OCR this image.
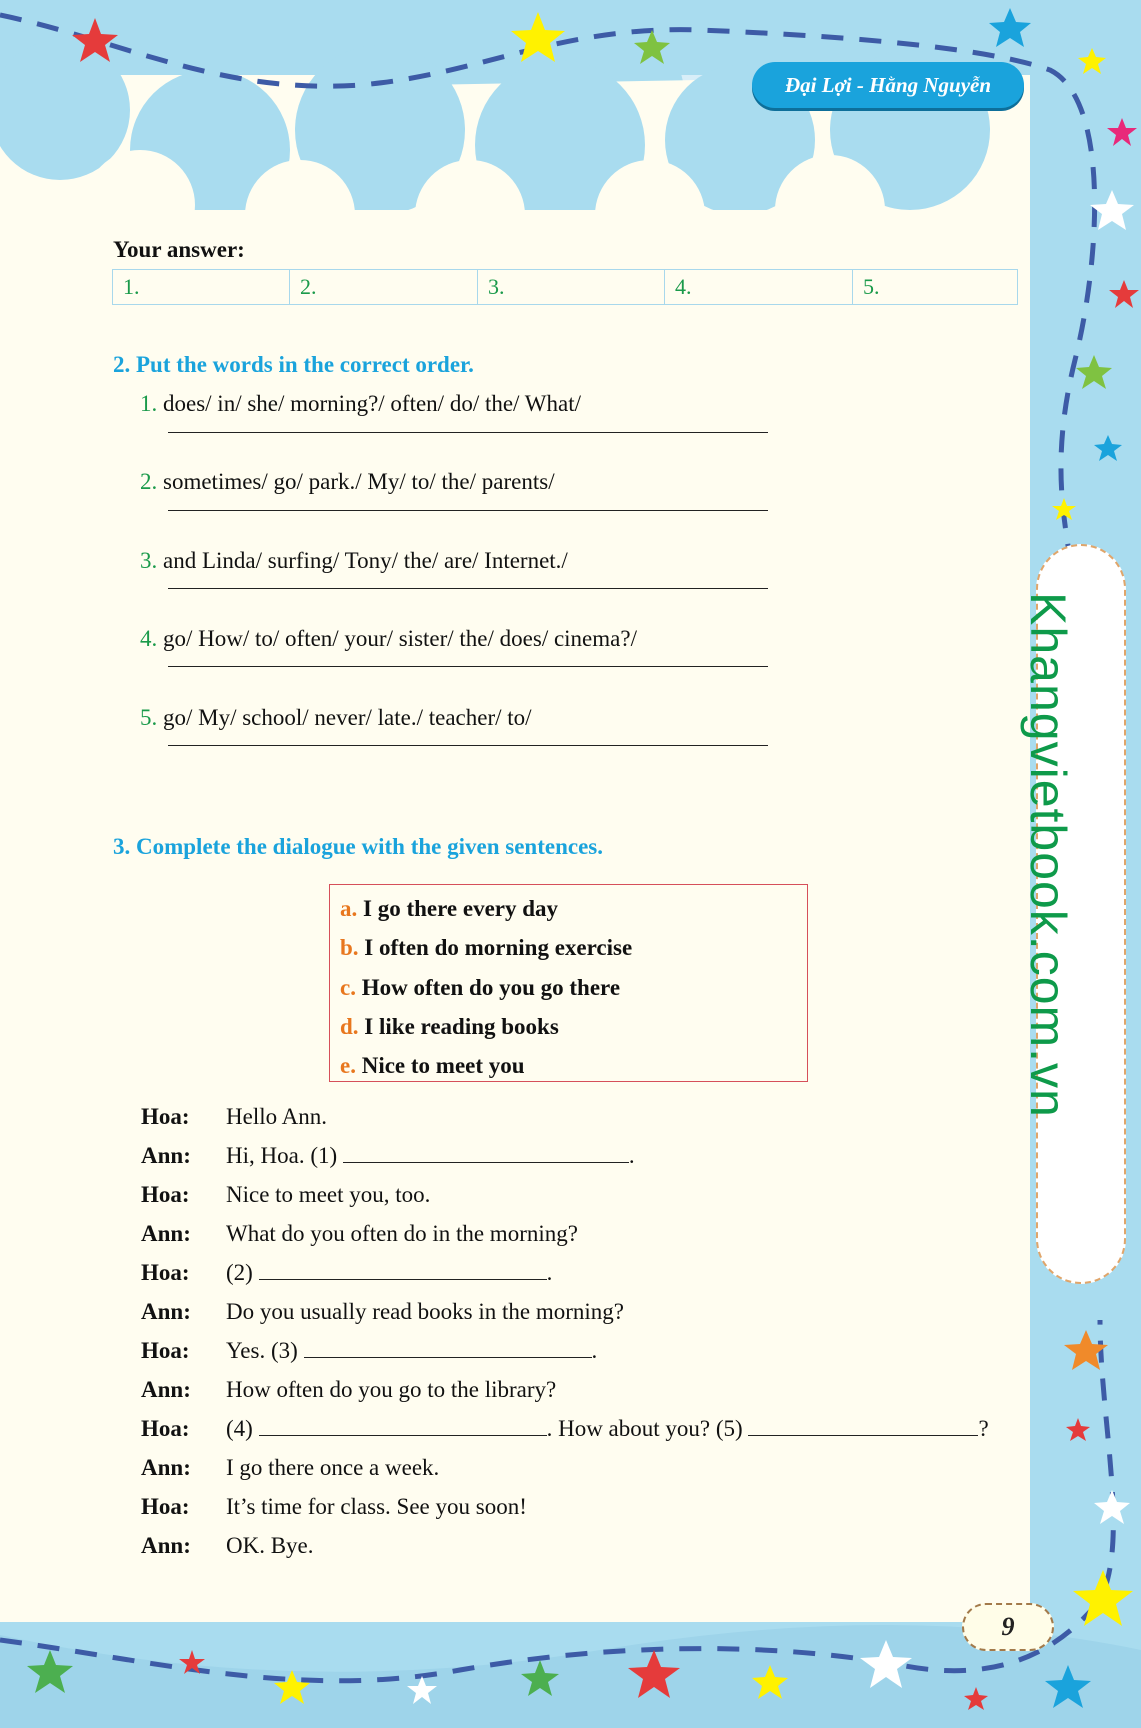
Đại Lợi - Hằng Nguyễn
Your answer:
1.	2.	3.	4.	5.
2. Put the words in the correct order.
1. does/ in/ she/ morning?/ often/ do/ the/ What/
2. sometimes/ go/ park./ My/ to/ the/ parents/
3. and Linda/ surfing/ Tony/ the/ are/ Internet./
4. go/ How/ to/ often/ your/ sister/ the/ does/ cinema?/
5. go/ My/ school/ never/ late./ teacher/ to/
3. Complete the dialogue with the given sentences.
a. I go there every day
b. I often do morning exercise
c. How often do you go there
d. I like reading books
e. Nice to meet you
Hoa: Hello Ann.
Ann: Hi, Hoa. (1)	.
Hoa: Nice to meet you, too.
Ann: What do you often do in the morning?
Hoa: (2)	.
Ann: Do you usually read books in the morning?
Hoa: Yes. (3)	.
Ann: How often do you go to the library?
Hoa: (4)	. How about you? (5)	?
Ann: I go there once a week.
Hoa: It’s time for class. See you soon!
Ann: OK. Bye.
Khangvietbook.com.vn
9
